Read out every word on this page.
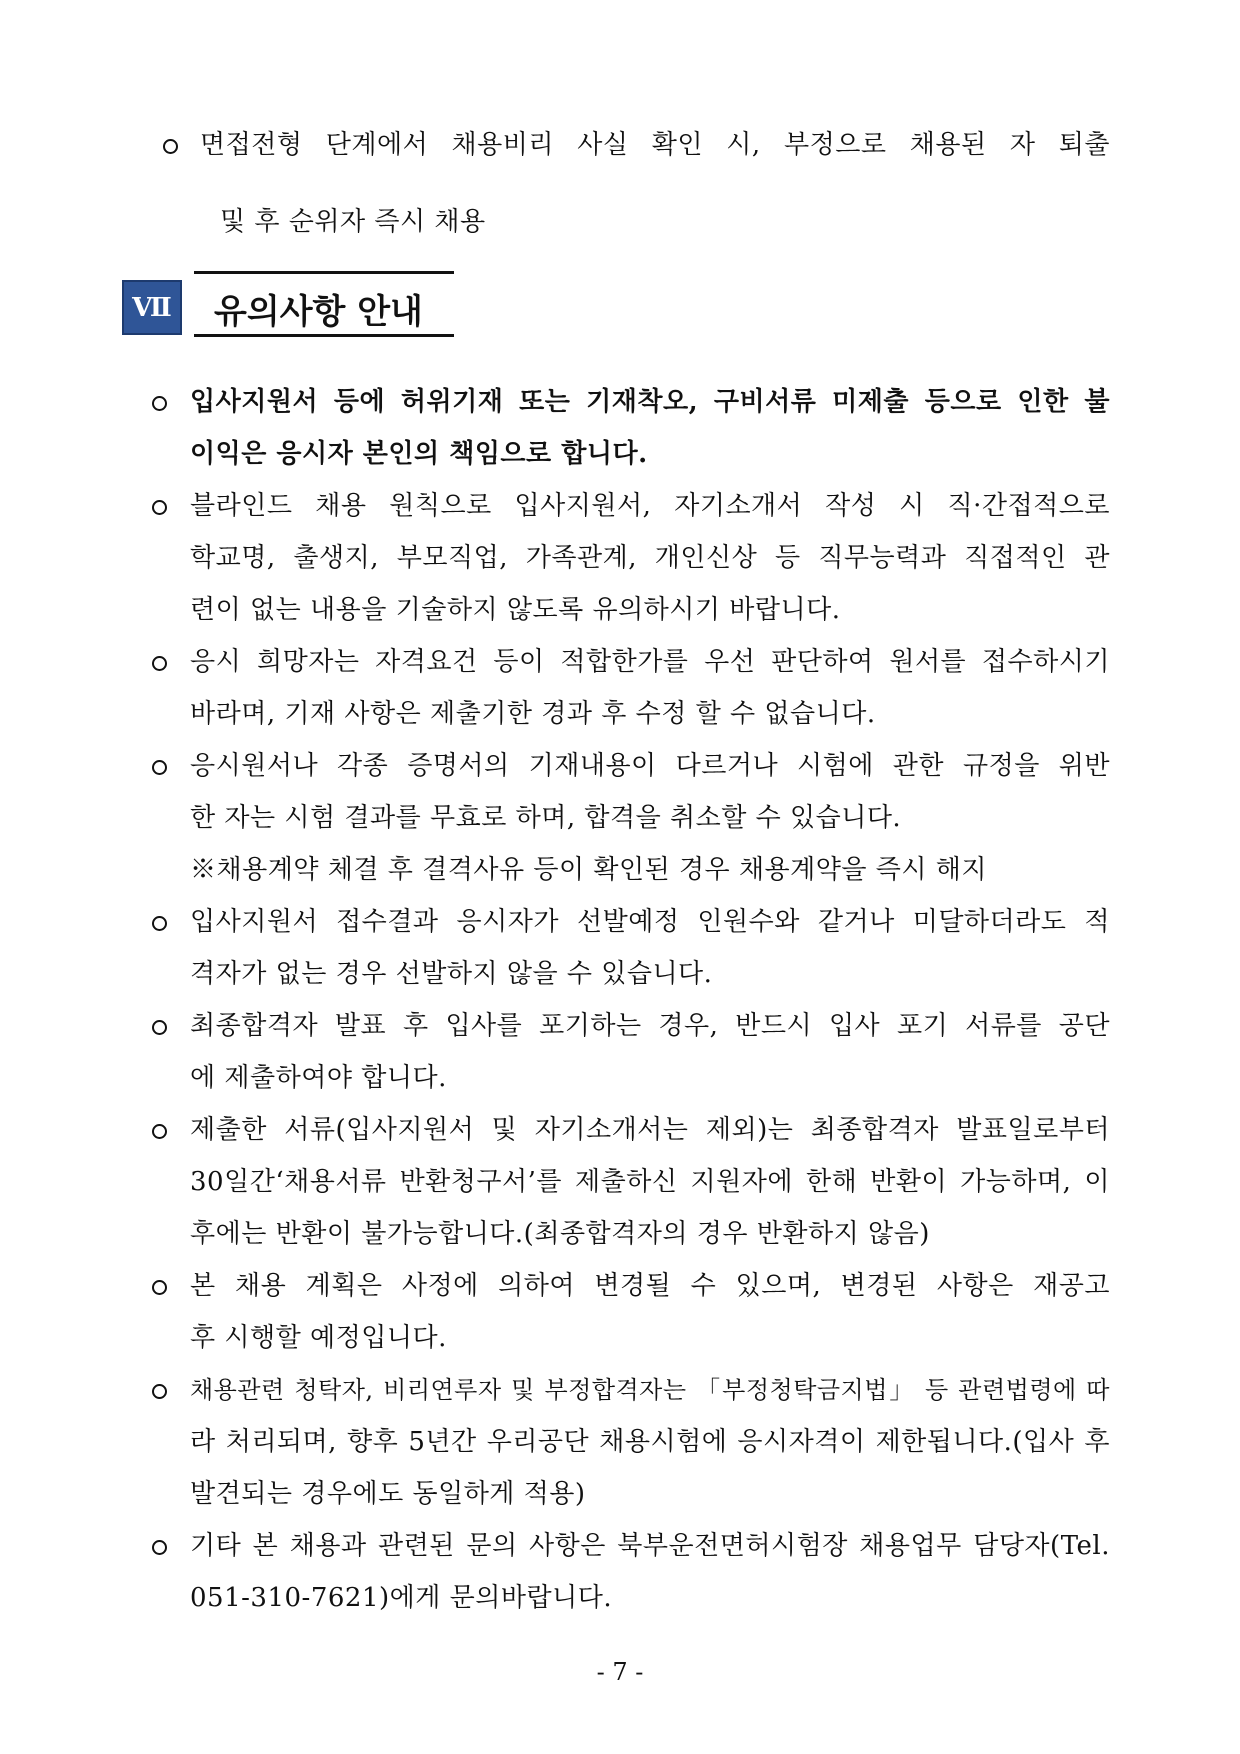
면접전형 단계에서 채용비리 사실 확인 시, 부정으로 채용된 자 퇴출
및 후 순위자 즉시 채용
Ⅶ 유의사항 안내
입사지원서 등에 허위기재 또는 기재착오, 구비서류 미제출 등으로 인한 불
이익은 응시자 본인의 책임으로 합니다.
블라인드 채용 원칙으로 입사지원서, 자기소개서 작성 시 직·간접적으로
학교명, 출생지, 부모직업, 가족관계, 개인신상 등 직무능력과 직접적인 관
련이 없는 내용을 기술하지 않도록 유의하시기 바랍니다.
응시 희망자는 자격요건 등이 적합한가를 우선 판단하여 원서를 접수하시기
바라며, 기재 사항은 제출기한 경과 후 수정 할 수 없습니다.
응시원서나 각종 증명서의 기재내용이 다르거나 시험에 관한 규정을 위반
한 자는 시험 결과를 무효로 하며, 합격을 취소할 수 있습니다.
※채용계약 체결 후 결격사유 등이 확인된 경우 채용계약을 즉시 해지
입사지원서 접수결과 응시자가 선발예정 인원수와 같거나 미달하더라도 적
격자가 없는 경우 선발하지 않을 수 있습니다.
최종합격자 발표 후 입사를 포기하는 경우, 반드시 입사 포기 서류를 공단
에 제출하여야 합니다.
제출한 서류(입사지원서 및 자기소개서는 제외)는 최종합격자 발표일로부터
30일간‘채용서류 반환청구서’를 제출하신 지원자에 한해 반환이 가능하며, 이
후에는 반환이 불가능합니다.(최종합격자의 경우 반환하지 않음)
본 채용 계획은 사정에 의하여 변경될 수 있으며, 변경된 사항은 재공고
후 시행할 예정입니다.
채용관련 청탁자, 비리연루자 및 부정합격자는 「부정청탁금지법」 등 관련법령에 따
라 처리되며, 향후 5년간 우리공단 채용시험에 응시자격이 제한됩니다.(입사 후
발견되는 경우에도 동일하게 적용)
기타 본 채용과 관련된 문의 사항은 북부운전면허시험장 채용업무 담당자(Tel.
051-310-7621)에게 문의바랍니다.
- 7 -
